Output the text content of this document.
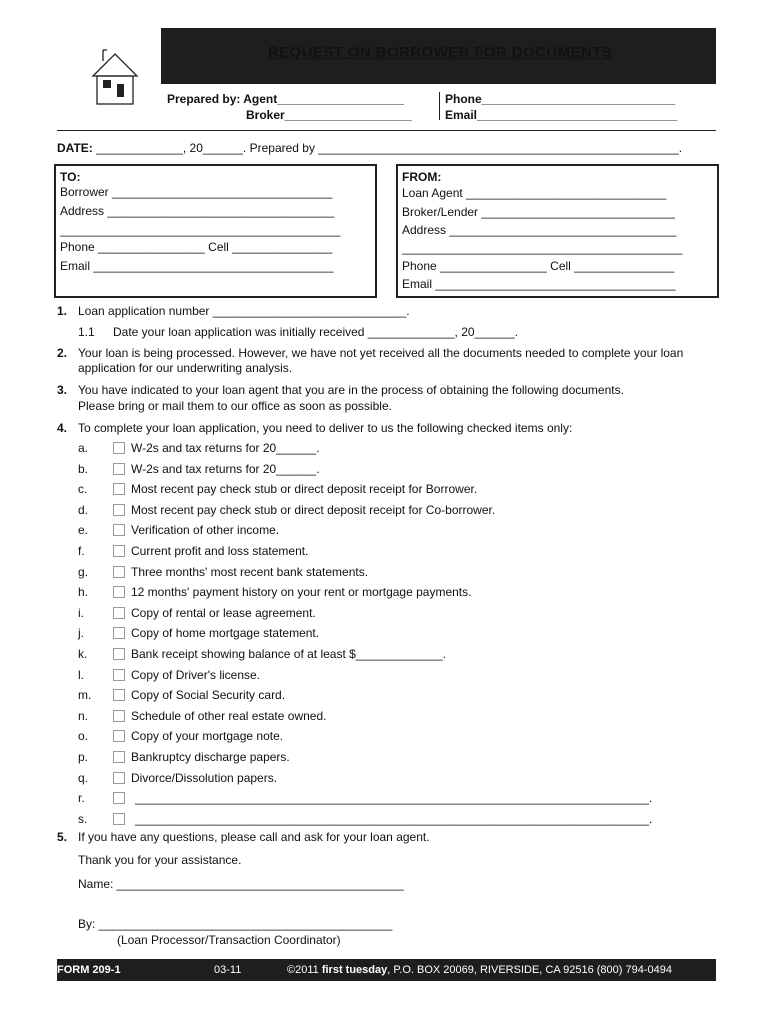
REQUEST ON BORROWER FOR DOCUMENTS
Prepared by: Agent___________________
Broker___________________
Phone_____________________________
Email______________________________
DATE: _____________, 20______. Prepared by ______________________________________________________.
TO:
Borrower _________________________________
Address __________________________________
__________________________________________
Phone ________________ Cell _______________
Email ____________________________________
FROM:
Loan Agent ______________________________
Broker/Lender _____________________________
Address __________________________________
__________________________________________
Phone ________________ Cell _______________
Email ____________________________________
1. Loan application number _____________________________.
1.1 Date your loan application was initially received _____________, 20______.
2. Your loan is being processed. However, we have not yet received all the documents needed to complete your loan
application for our underwriting analysis.
3. You have indicated to your loan agent that you are in the process of obtaining the following documents.
Please bring or mail them to our office as soon as possible.
4. To complete your loan application, you need to deliver to us the following checked items only:
a.	W-2s and tax returns for 20______.
b.	W-2s and tax returns for 20______.
c.	Most recent pay check stub or direct deposit receipt for Borrower.
d.	Most recent pay check stub or direct deposit receipt for Co-borrower.
e.	Verification of other income.
f.	Current profit and loss statement.
g.	Three months' most recent bank statements.
h.	12 months' payment history on your rent or mortgage payments.
i.	Copy of rental or lease agreement.
j.	Copy of home mortgage statement.
k.	Bank receipt showing balance of at least $_____________.
l.	Copy of Driver's license.
m.	Copy of Social Security card.
n.	Schedule of other real estate owned.
o.	Copy of your mortgage note.
p.	Bankruptcy discharge papers.
q.	Divorce/Dissolution papers.
r.	_____________________________________________________________________________.
s.	_____________________________________________________________________________.
5. If you have any questions, please call and ask for your loan agent.
Thank you for your assistance.
Name: ___________________________________________
By: ____________________________________________
(Loan Processor/Transaction Coordinator)
FORM 209-1	03-11	©2011 first tuesday, P.O. BOX 20069, RIVERSIDE, CA 92516 (800) 794-0494
